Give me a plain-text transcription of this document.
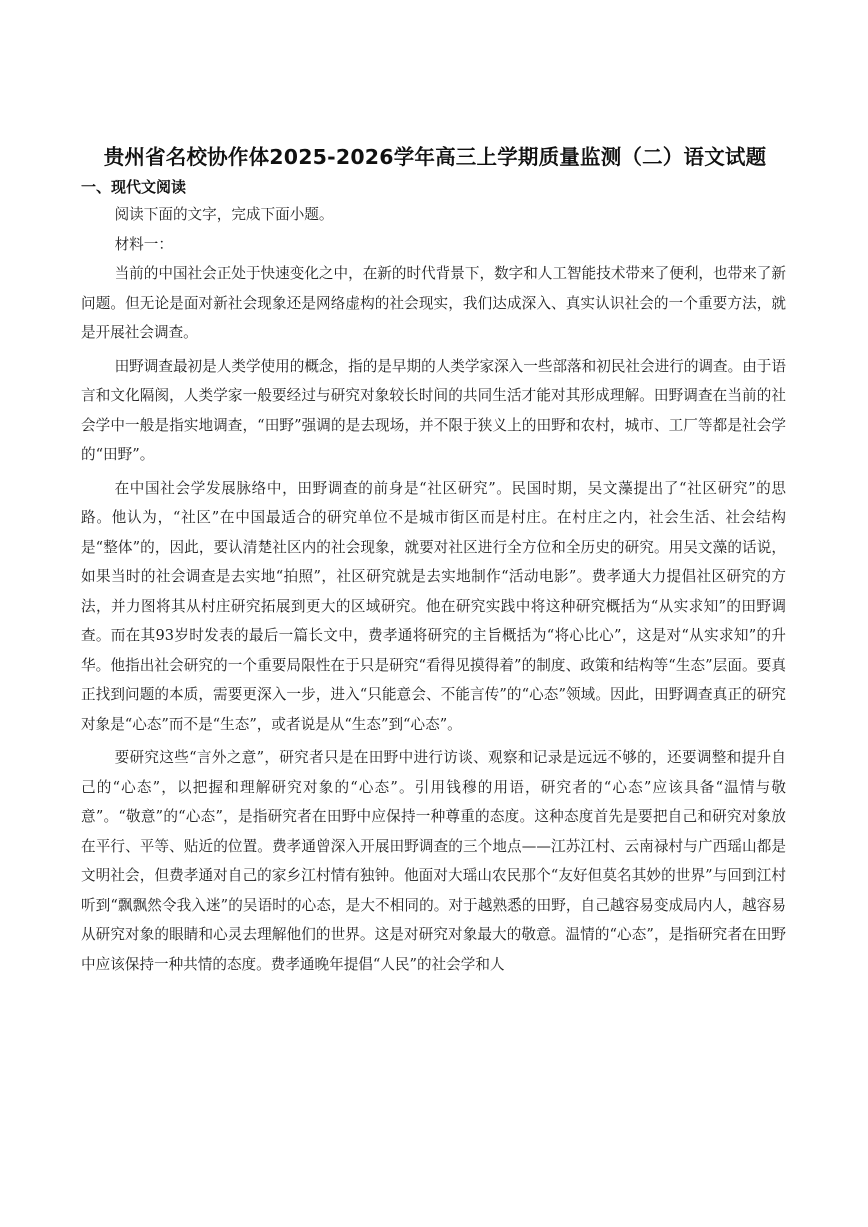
贵州省名校协作体2025-2026学年高三上学期质量监测（二）语文试题
一、现代文阅读

阅读下面的文字，完成下面小题。

材料一：

当前的中国社会正处于快速变化之中，在新的时代背景下，数字和人工智能技术带来了便利，也带来了新问题。但无论是面对新社会现象还是网络虚构的社会现实，我们达成深入、真实认识社会的一个重要方法，就是开展社会调查。

田野调查最初是人类学使用的概念，指的是早期的人类学家深入一些部落和初民社会进行的调查。由于语言和文化隔阂，人类学家一般要经过与研究对象较长时间的共同生活才能对其形成理解。田野调查在当前的社会学中一般是指实地调查，“田野”强调的是去现场，并不限于狭义上的田野和农村，城市、工厂等都是社会学的“田野”。

在中国社会学发展脉络中，田野调查的前身是“社区研究”。民国时期，吴文藻提出了“社区研究”的思路。他认为，“社区”在中国最适合的研究单位不是城市街区而是村庄。在村庄之内，社会生活、社会结构是“整体”的，因此，要认清楚社区内的社会现象，就要对社区进行全方位和全历史的研究。用吴文藻的话说，如果当时的社会调查是去实地“拍照”，社区研究就是去实地制作“活动电影”。费孝通大力提倡社区研究的方法，并力图将其从村庄研究拓展到更大的区域研究。他在研究实践中将这种研究概括为“从实求知”的田野调查。而在其93岁时发表的最后一篇长文中，费孝通将研究的主旨概括为“将心比心”，这是对“从实求知”的升华。他指出社会研究的一个重要局限性在于只是研究“看得见摸得着”的制度、政策和结构等“生态”层面。要真正找到问题的本质，需要更深入一步，进入“只能意会、不能言传”的“心态”领域。因此，田野调查真正的研究对象是“心态”而不是“生态”，或者说是从“生态”到“心态”。

要研究这些“言外之意”，研究者只是在田野中进行访谈、观察和记录是远远不够的，还要调整和提升自己的“心态”，以把握和理解研究对象的“心态”。引用钱穆的用语，研究者的“心态”应该具备“温情与敬意”。“敬意”的“心态”，是指研究者在田野中应保持一种尊重的态度。这种态度首先是要把自己和研究对象放在平行、平等、贴近的位置。费孝通曾深入开展田野调查的三个地点——江苏江村、云南禄村与广西瑶山都是文明社会，但费孝通对自己的家乡江村情有独钟。他面对大瑶山农民那个“友好但莫名其妙的世界”与回到江村听到“飘飘然令我入迷”的吴语时的心态，是大不相同的。对于越熟悉的田野，自己越容易变成局内人，越容易从研究对象的眼睛和心灵去理解他们的世界。这是对研究对象最大的敬意。温情的“心态”，是指研究者在田野中应该保持一种共情的态度。费孝通晚年提倡“人民”的社会学和人
